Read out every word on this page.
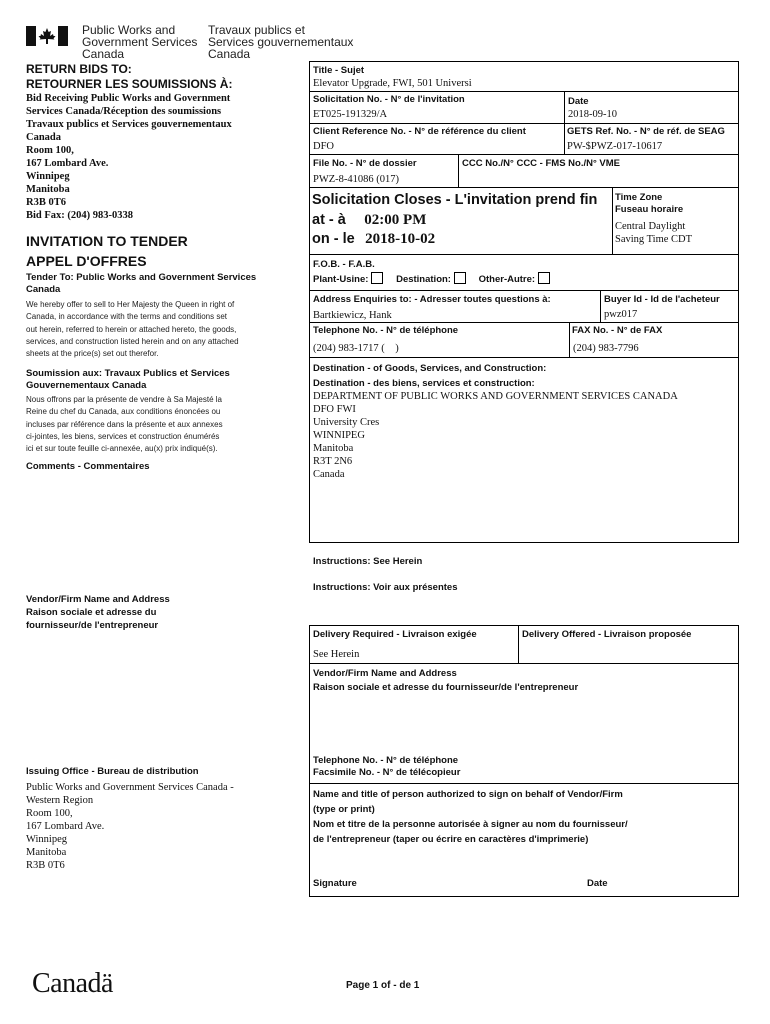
Public Works and
Government Services
Canada
Travaux publics et
Services gouvernementaux
Canada
RETURN BIDS TO:
RETOURNER LES SOUMISSIONS À:
Bid Receiving Public Works and Government
Services Canada/Réception des soumissions
Travaux publics et Services gouvernementaux
Canada
Room 100,
167 Lombard Ave.
Winnipeg
Manitoba
R3B 0T6
Bid Fax: (204) 983-0338
INVITATION TO TENDER
APPEL D'OFFRES
Tender To: Public Works and Government Services Canada
We hereby offer to sell to Her Majesty the Queen in right of
Canada, in accordance with the terms and conditions set
out herein, referred to herein or attached hereto, the goods,
services, and construction listed herein and on any attached
sheets at the price(s) set out therefor.
Soumission aux: Travaux Publics et Services
Gouvernementaux Canada
Nous offrons par la présente de vendre à Sa Majesté la
Reine du chef du Canada, aux conditions énoncées ou
incluses par référence dans la présente et aux annexes
ci-jointes, les biens, services et construction énumérés
ici et sur toute feuille ci-annexée, au(x) prix indiqué(s).
Comments - Commentaires
Vendor/Firm Name and Address
Raison sociale et adresse du
fournisseur/de l'entrepreneur
Issuing Office - Bureau de distribution
Public Works and Government Services Canada -
Western Region
Room 100,
167 Lombard Ave.
Winnipeg
Manitoba
R3B 0T6
Title - Sujet
Elevator Upgrade, FWI, 501 Universi
Solicitation No. - N° de l'invitation
ET025-191329/A
Date
2018-09-10
Client Reference No. - N° de référence du client
DFO
GETS Ref. No. - N° de réf. de SEAG
PW-$PWZ-017-10617
File No. - N° de dossier
PWZ-8-41086 (017)
CCC No./N° CCC - FMS No./N° VME
Solicitation Closes - L'invitation prend fin
at - à 02:00 PM
on - le 2018-10-02
Time Zone
Fuseau horaire
Central Daylight
Saving Time CDT
F.O.B. - F.A.B.
Plant-Usine:	Destination:	Other-Autre:
Address Enquiries to: - Adresser toutes questions à:
Bartkiewicz, Hank
Buyer Id - Id de l'acheteur
pwz017
Telephone No. - N° de téléphone
(204) 983-1717 (    )
FAX No. - N° de FAX
(204) 983-7796
Destination - of Goods, Services, and Construction:
Destination - des biens, services et construction:
DEPARTMENT OF PUBLIC WORKS AND GOVERNMENT SERVICES CANADA
DFO FWI
University Cres
WINNIPEG
Manitoba
R3T 2N6
Canada
Instructions: See Herein
Instructions: Voir aux présentes
Delivery Required - Livraison exigée
See Herein
Delivery Offered - Livraison proposée
Vendor/Firm Name and Address
Raison sociale et adresse du fournisseur/de l'entrepreneur
Telephone No. - N° de téléphone
Facsimile No. - N° de télécopieur
Name and title of person authorized to sign on behalf of Vendor/Firm
(type or print)
Nom et titre de la personne autorisée à signer au nom du fournisseur/
de l'entrepreneur (taper ou écrire en caractères d'imprimerie)
Signature	Date
Canadä	Page 1 of - de 1
